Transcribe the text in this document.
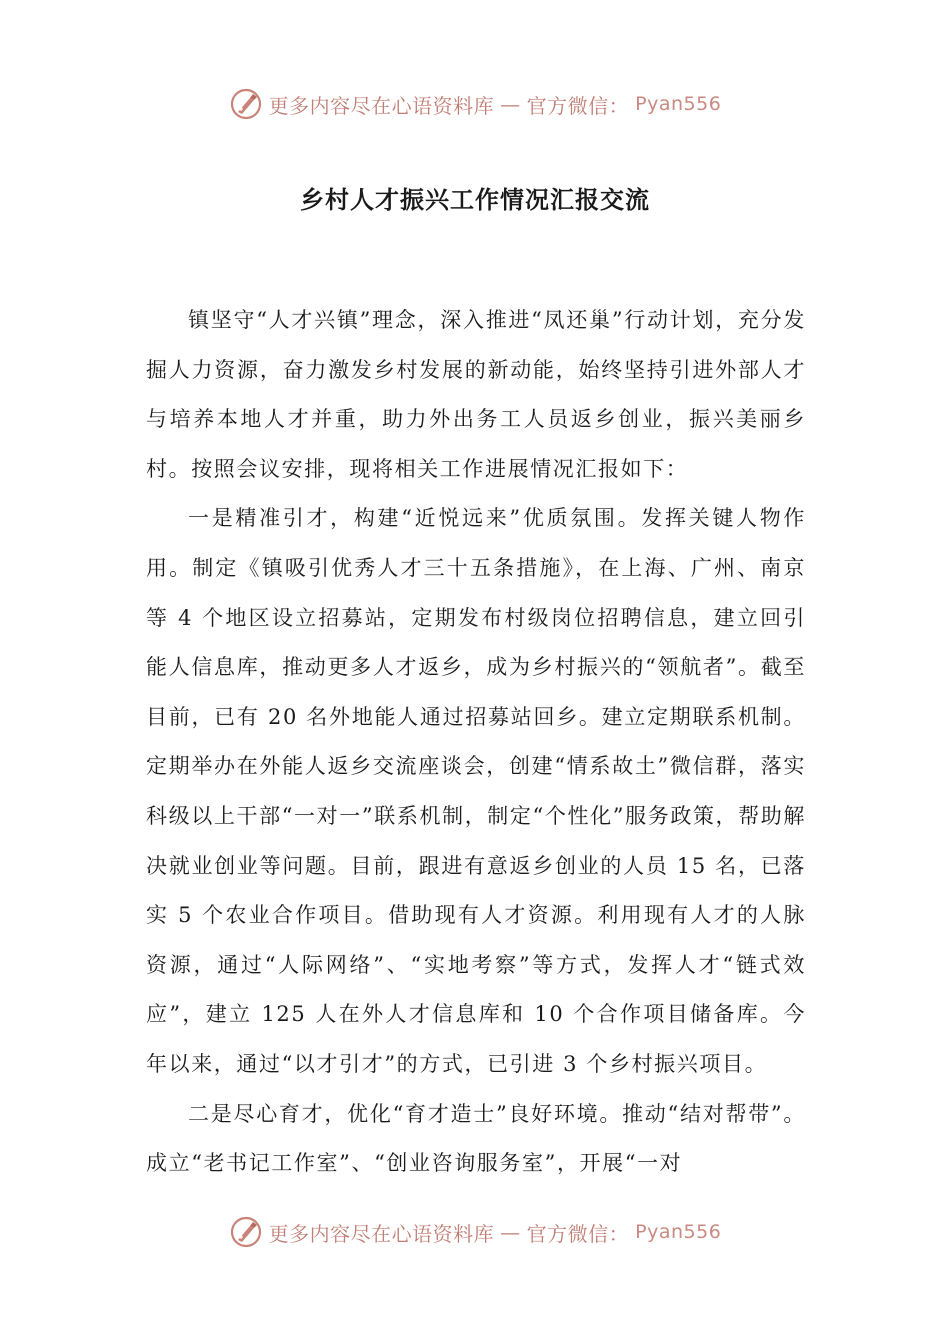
更多内容尽在心语资料库 — 官方微信： Pyan556
乡村人才振兴工作情况汇报交流

镇坚守“人才兴镇”理念，深入推进“凤还巢”行动计划，充分发掘人力资源，奋力激发乡村发展的新动能，始终坚持引进外部人才与培养本地人才并重，助力外出务工人员返乡创业，振兴美丽乡村。按照会议安排，现将相关工作进展情况汇报如下：

一是精准引才，构建“近悦远来”优质氛围。发挥关键人物作用。制定《镇吸引优秀人才三十五条措施》，在上海、广州、南京等 4 个地区设立招募站，定期发布村级岗位招聘信息，建立回引能人信息库，推动更多人才返乡，成为乡村振兴的“领航者”。截至目前，已有 20 名外地能人通过招募站回乡。建立定期联系机制。定期举办在外能人返乡交流座谈会，创建“情系故土”微信群，落实科级以上干部“一对一”联系机制，制定“个性化”服务政策，帮助解决就业创业等问题。目前，跟进有意返乡创业的人员 15 名，已落实 5 个农业合作项目。借助现有人才资源。利用现有人才的人脉资源，通过“人际网络”、“实地考察”等方式，发挥人才“链式效应”，建立 125 人在外人才信息库和 10 个合作项目储备库。今年以来，通过“以才引才”的方式，已引进 3 个乡村振兴项目。

二是尽心育才，优化“育才造士”良好环境。推动“结对帮带”。成立“老书记工作室”、“创业咨询服务室”，开展“一对

更多内容尽在心语资料库 — 官方微信： Pyan556
